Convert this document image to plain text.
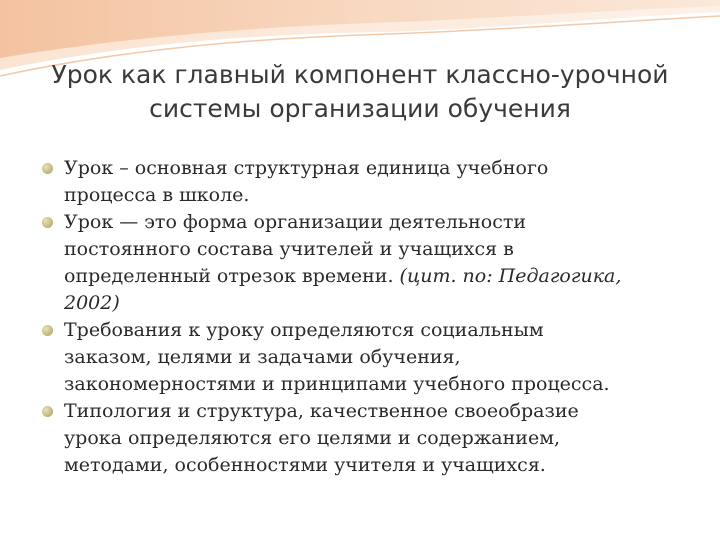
Урок как главный компонент классно-урочной
системы организации обучения
Урок – основная структурная единица учебного
процесса в школе.
Урок — это форма организации деятельности
постоянного состава учителей и учащихся в
определенный отрезок времени. (цит. по: Педагогика,
2002)
Требования к уроку определяются социальным
заказом, целями и задачами обучения,
закономерностями и принципами учебного процесса.
Типология и структура, качественное своеобразие
урока определяются его целями и содержанием,
методами, особенностями учителя и учащихся.
